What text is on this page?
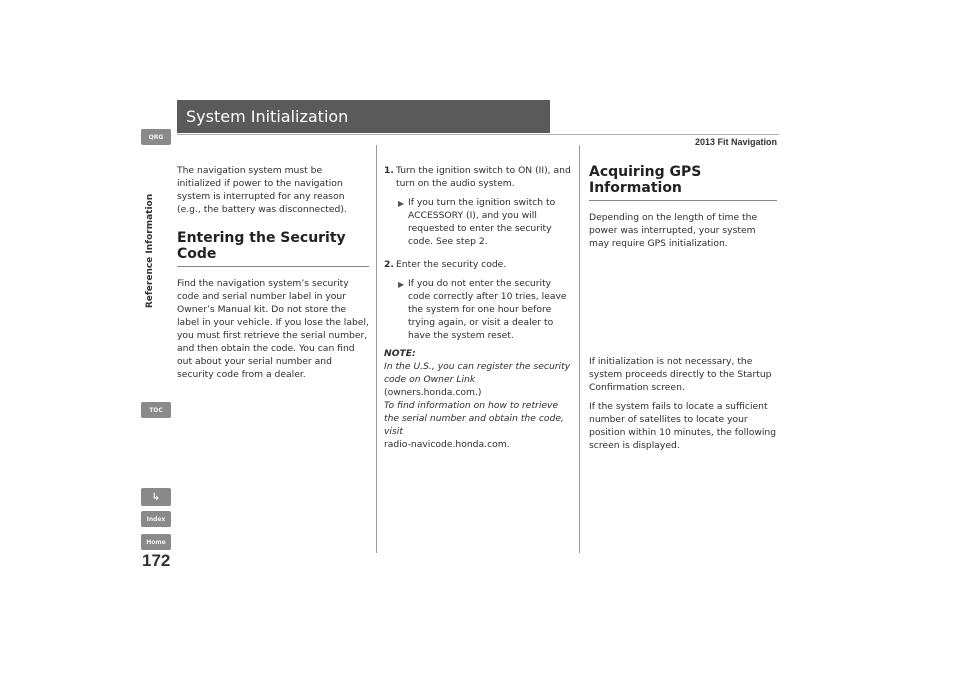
QRG
Reference Information
TOC
↳
Index
Home
172
System Initialization
2013 Fit Navigation

The navigation system must be initialized if power to the navigation system is interrupted for any reason (e.g., the battery was disconnected).

Entering the Security Code

Find the navigation system’s security code and serial number label in your Owner’s Manual kit. Do not store the label in your vehicle. If you lose the label, you must first retrieve the serial number, and then obtain the code. You can find out about your serial number and security code from a dealer.

1. Turn the ignition switch to ON (II), and turn on the audio system.
▶ If you turn the ignition switch to ACCESSORY (I), and you will requested to enter the security code. See step 2.
2. Enter the security code.
▶ If you do not enter the security code correctly after 10 tries, leave the system for one hour before trying again, or visit a dealer to have the system reset.

NOTE:
In the U.S., you can register the security code on Owner Link (owners.honda.com.)
To find information on how to retrieve the serial number and obtain the code, visit
radio-navicode.honda.com.

Acquiring GPS Information

Depending on the length of time the power was interrupted, your system may require GPS initialization.

If initialization is not necessary, the system proceeds directly to the Startup Confirmation screen.

If the system fails to locate a sufficient number of satellites to locate your position within 10 minutes, the following screen is displayed.
